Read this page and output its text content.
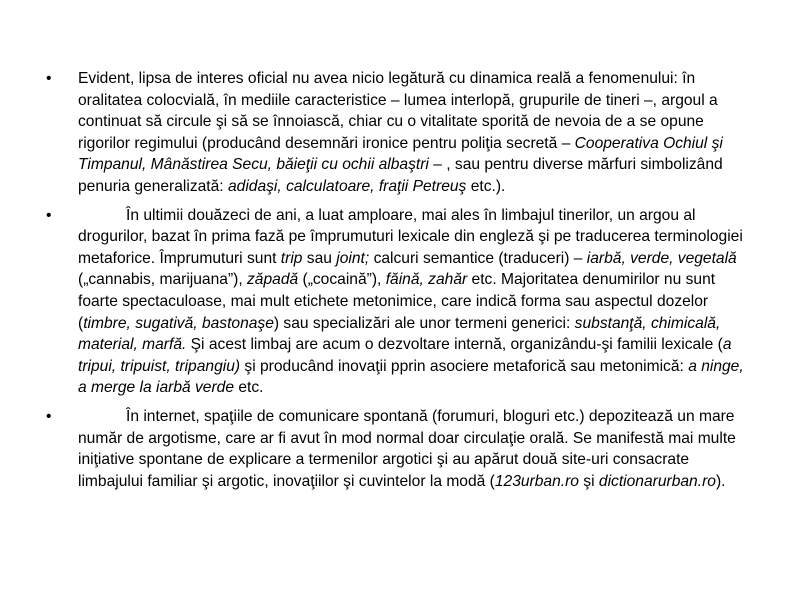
• Evident, lipsa de interes oficial nu avea nicio legătură cu dinamica reală a fenomenului: în oralitatea colocvială, în mediile caracteristice – lumea interlopă, grupurile de tineri –, argoul a continuat să circule şi să se înnoiască, chiar cu o vitalitate sporită de nevoia de a se opune rigorilor regimului (producând desemnări ironice pentru poliţia secretă – Cooperativa Ochiul şi Timpanul, Mânăstirea Secu, băieţii cu ochii albaştri – , sau pentru diverse mărfuri simbolizând penuria generalizată: adidaşi, calculatoare, fraţii Petreuş etc.).
•	În ultimii douăzeci de ani, a luat amploare, mai ales în limbajul tinerilor, un argou al drogurilor, bazat în prima fază pe împrumuturi lexicale din engleză şi pe traducerea terminologiei metaforice. Împrumuturi sunt trip sau joint; calcuri semantice (traduceri) – iarbă, verde, vegetală („cannabis, marijuana”), zăpadă („cocaină”), făină, zahăr etc. Majoritatea denumirilor nu sunt foarte spectaculoase, mai mult etichete metonimice, care indică forma sau aspectul dozelor (timbre, sugativă, bastonaşe) sau specializări ale unor termeni generici: substanţă, chimicală, material, marfă. Şi acest limbaj are acum o dezvoltare internă, organizându-şi familii lexicale (a tripui, tripuist, tripangiu) şi producând inovaţii pprin asociere metaforică sau metonimică: a ninge, a merge la iarbă verde etc.
•	În internet, spaţiile de comunicare spontană (forumuri, bloguri etc.) depozitează un mare număr de argotisme, care ar fi avut în mod normal doar circulaţie orală. Se manifestă mai multe iniţiative spontane de explicare a termenilor argotici şi au apărut două site-uri consacrate limbajului familiar şi argotic, inovaţiilor şi cuvintelor la modă (123urban.ro şi dictionarurban.ro).
